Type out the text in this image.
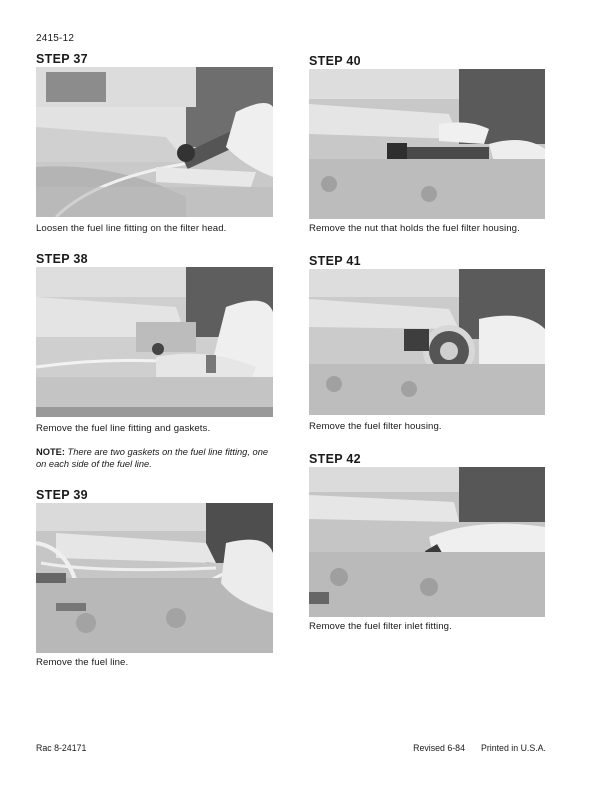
2415-12
STEP 37
Loosen the fuel line fitting on the filter head.
STEP 38
Remove the fuel line fitting and gaskets.
NOTE: There are two gaskets on the fuel line fitting, one on each side of the fuel line.
STEP 39
Remove the fuel line.
STEP 40
Remove the nut that holds the fuel filter housing.
STEP 41
Remove the fuel filter housing.
STEP 42
Remove the fuel filter inlet fitting.
Rac 8-24171	Revised 6-84 Printed in U.S.A.
